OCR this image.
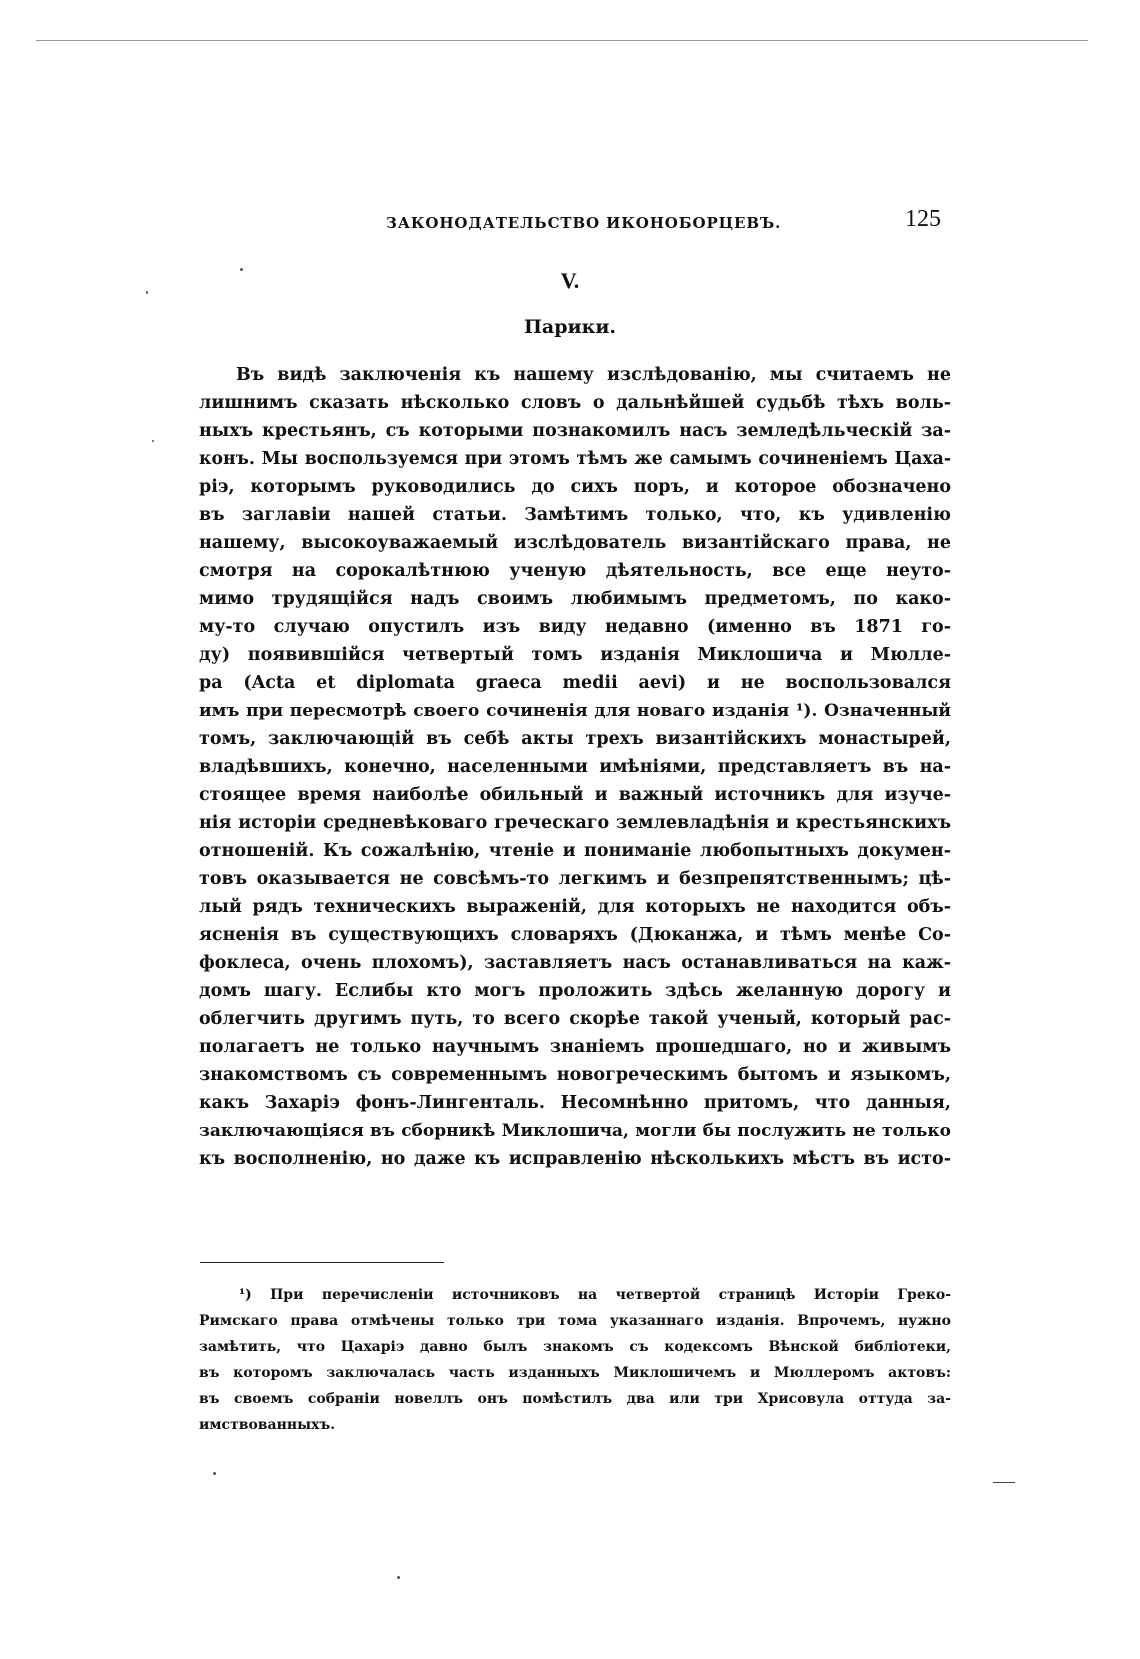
ЗАКОНОДАТЕЛЬСТВО ИКОНОБОРЦЕВЪ.	125
V.
Парики.
Въ видѣ заключенія къ нашему изслѣдованію, мы считаемъ не
лишнимъ сказать нѣсколько словъ о дальнѣйшей судьбѣ тѣхъ воль-
ныхъ крестьянъ, съ которыми познакомилъ насъ земледѣльческій за-
конъ. Мы воспользуемся при этомъ тѣмъ же самымъ сочиненіемъ Цаха-
ріэ, которымъ руководились до сихъ поръ, и которое обозначено
въ заглавіи нашей статьи. Замѣтимъ только, что, къ удивленію
нашему, высокоуважаемый изслѣдователь византійскаго права, не
смотря на сорокалѣтнюю ученую дѣятельность, все еще неуто-
мимо трудящійся надъ своимъ любимымъ предметомъ, по како-
му-то случаю опустилъ изъ виду недавно (именно въ 1871 го-
ду) появившійся четвертый томъ изданія Миклошича и Мюлле-
ра (Acta et diplomata graeca medii aevi) и не воспользовался
имъ при пересмотрѣ своего сочиненія для новаго изданія ¹). Означенный
томъ, заключающій въ себѣ акты трехъ византійскихъ монастырей,
владѣвшихъ, конечно, населенными имѣніями, представляетъ въ на-
стоящее время наиболѣе обильный и важный источникъ для изуче-
нія исторіи средневѣковаго греческаго землевладѣнія и крестьянскихъ
отношеній. Къ сожалѣнію, чтеніе и пониманіе любопытныхъ докумен-
товъ оказывается не совсѣмъ-то легкимъ и безпрепятственнымъ; цѣ-
лый рядъ техническихъ выраженій, для которыхъ не находится объ-
ясненія въ существующихъ словаряхъ (Дюканжа, и тѣмъ менѣе Со-
фоклеса, очень плохомъ), заставляетъ насъ останавливаться на каж-
домъ шагу. Еслибы кто могъ проложить здѣсь желанную дорогу и
облегчить другимъ путь, то всего скорѣе такой ученый, который рас-
полагаетъ не только научнымъ знаніемъ прошедшаго, но и живымъ
знакомствомъ съ современнымъ новогреческимъ бытомъ и языкомъ,
какъ Захаріэ фонъ-Лингенталь. Несомнѣнно притомъ, что данныя,
заключающіяся въ сборникѣ Миклошича, могли бы послужить не только
къ восполненію, но даже къ исправленію нѣсколькихъ мѣстъ въ исто-
¹) При перечисленіи источниковъ на четвертой страницѣ Исторіи Греко-
Римскаго права отмѣчены только три тома указаннаго изданія. Впрочемъ, нужно
замѣтить, что Цахаріэ давно былъ знакомъ съ кодексомъ Вѣнской библіотеки,
въ которомъ заключалась часть изданныхъ Миклошичемъ и Мюллеромъ актовъ:
въ своемъ собраніи новеллъ онъ помѣстилъ два или три Хрисовула оттуда за-
имствованныхъ.
